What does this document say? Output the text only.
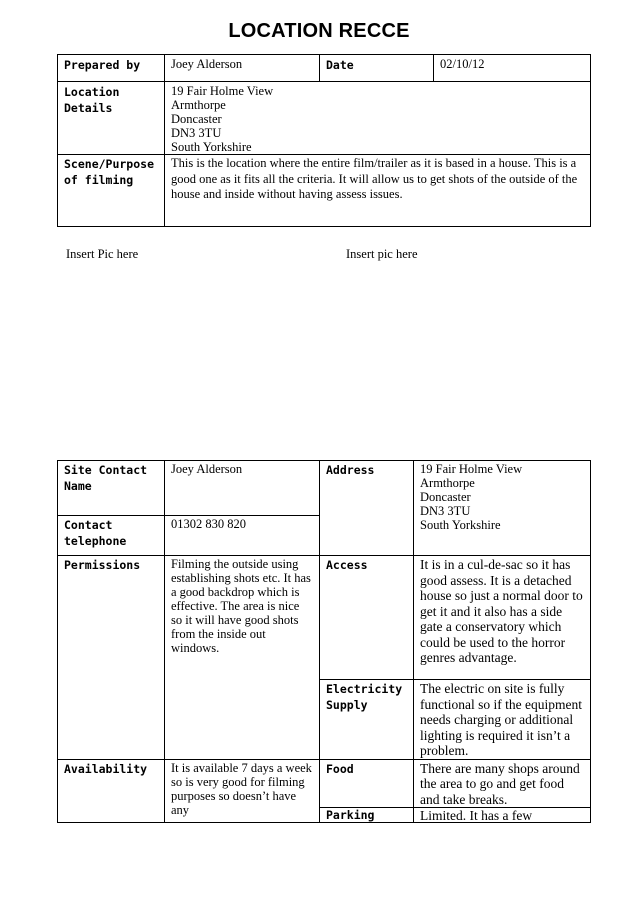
LOCATION RECCE
Prepared by	Joey Alderson	Date	02/10/12
Location Details	19 Fair Holme View
Armthorpe
Doncaster
DN3 3TU
South Yorkshire		

Scene/Purpose of filming	This is the location where the entire film/trailer as it is based in a house. This is a good one as it fits all the criteria. It will allow us to get shots of the outside of the house and inside without having assess issues.		
Insert Pic here	Insert pic here
Site Contact Name	Joey Alderson	Address	19 Fair Holme View
Armthorpe
Doncaster
DN3 3TU
South Yorkshire

Contact telephone	01302 830 820		
Permissions	Filming the outside using establishing shots etc. It has a good backdrop which is effective. The area is nice so it will have good shots from the inside out windows.	Access	It is in a cul-de-sac so it has good assess. It is a detached house so just a normal door to get it and it also has a side gate a conservatory which could be used to the horror genres advantage.
		Electricity Supply	The electric on site is fully functional so if the equipment needs charging or additional lighting is required it isn’t a problem.
Availability	It is available 7 days a week so is very good for filming purposes so doesn’t have any	Food	There are many shops around the area to go and get food and take breaks.
		Parking	Limited. It has a few
